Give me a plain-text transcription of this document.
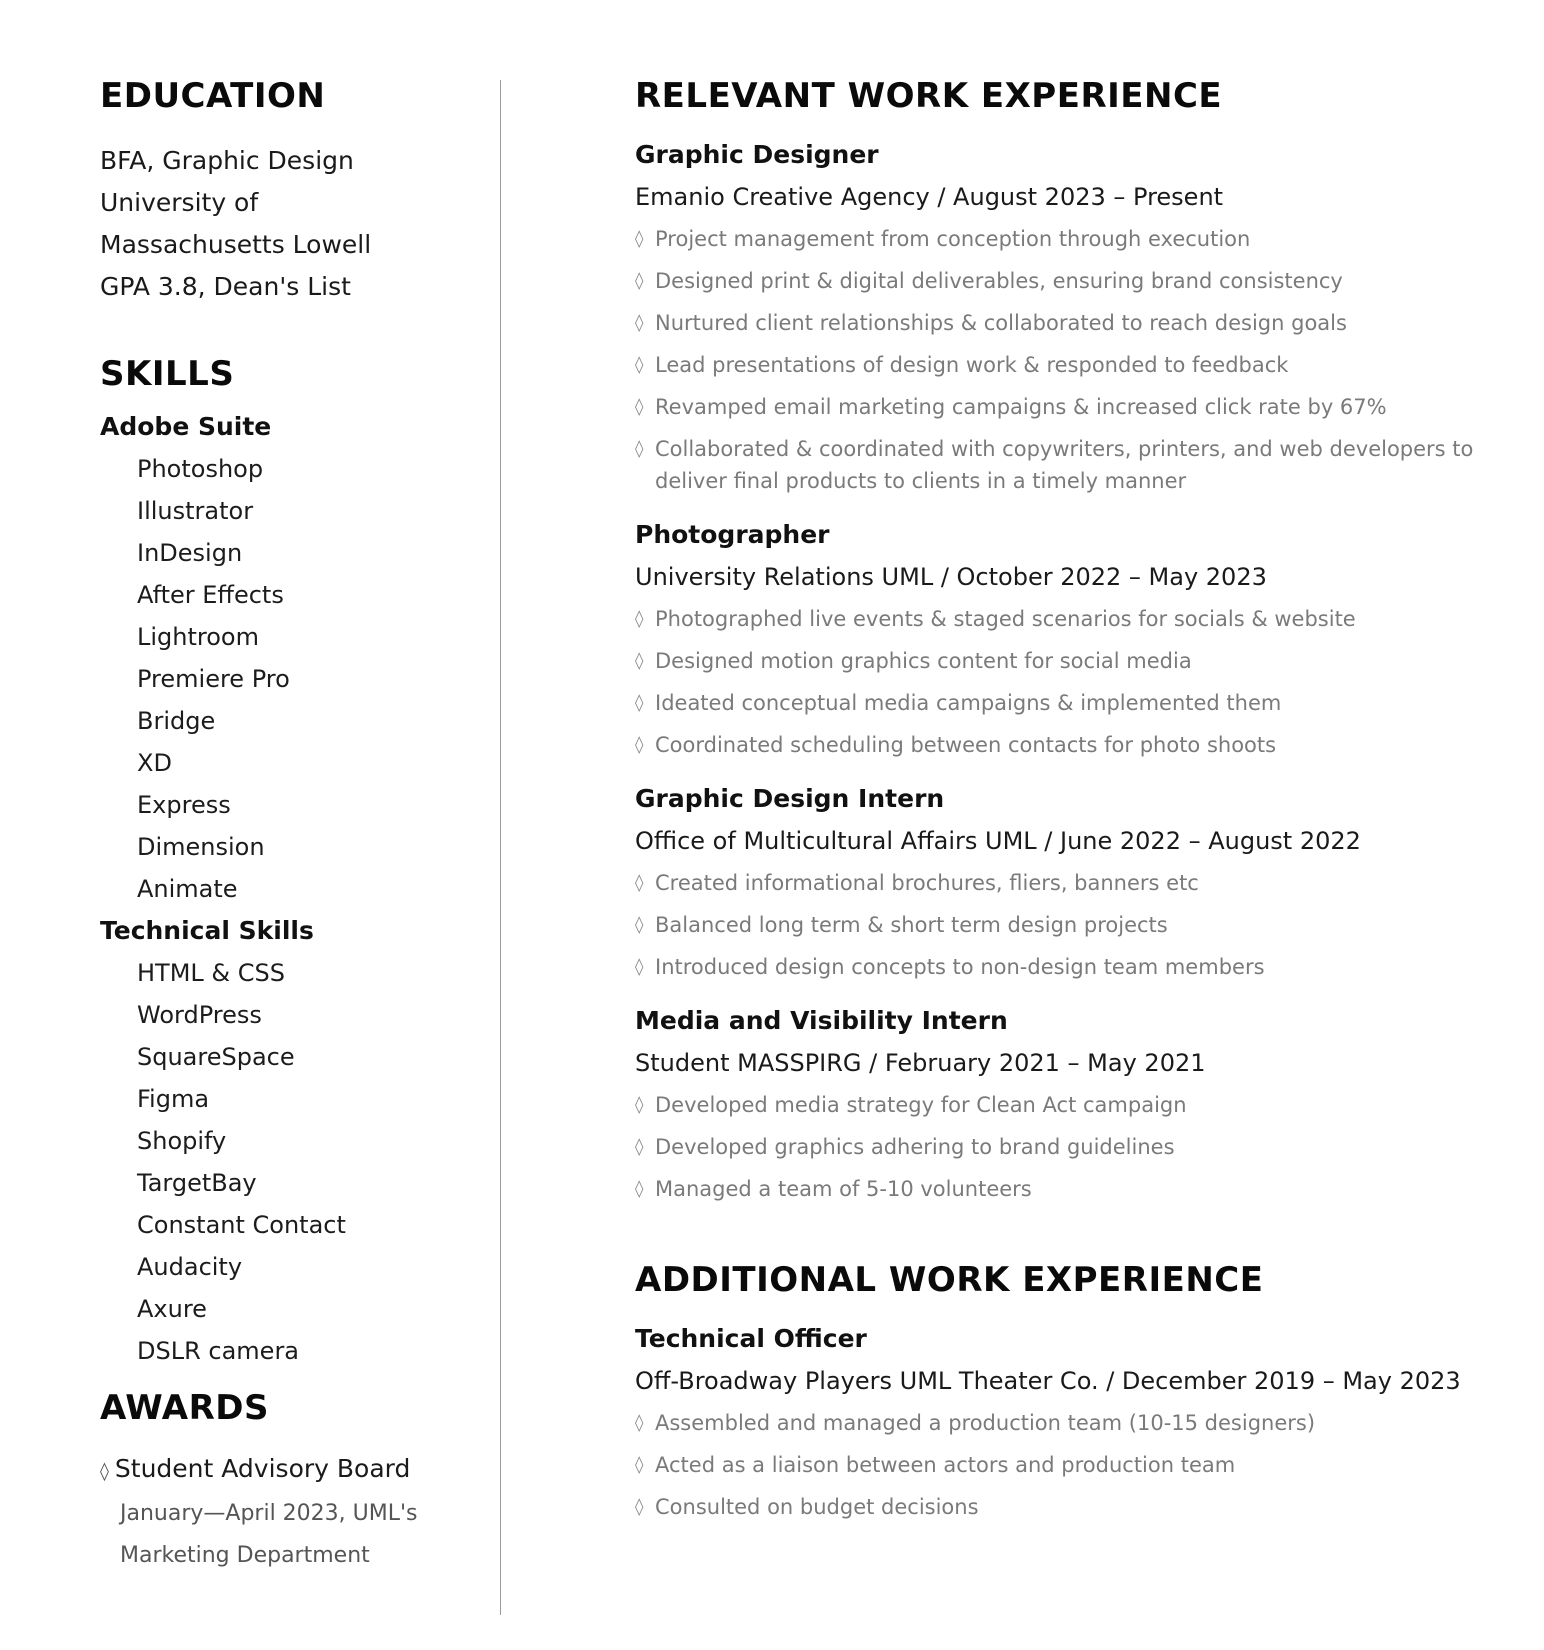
EDUCATION
BFA, Graphic Design
University of
Massachusetts Lowell
GPA 3.8, Dean's List
SKILLS
Adobe Suite
Photoshop
Illustrator
InDesign
After Effects
Lightroom
Premiere Pro
Bridge
XD
Express
Dimension
Animate
Technical Skills
HTML & CSS
WordPress
SquareSpace
Figma
Shopify
TargetBay
Constant Contact
Audacity
Axure
DSLR camera
AWARDS
◊ Student Advisory Board
January—April 2023, UML's
Marketing Department
RELEVANT WORK EXPERIENCE
Graphic Designer
Emanio Creative Agency / August 2023 – Present
◊ Project management from conception through execution
◊ Designed print & digital deliverables, ensuring brand consistency
◊ Nurtured client relationships & collaborated to reach design goals
◊ Lead presentations of design work & responded to feedback
◊ Revamped email marketing campaigns & increased click rate by 67%
◊ Collaborated & coordinated with copywriters, printers, and web developers to deliver final products to clients in a timely manner
Photographer
University Relations UML / October 2022 – May 2023
◊ Photographed live events & staged scenarios for socials & website
◊ Designed motion graphics content for social media
◊ Ideated conceptual media campaigns & implemented them
◊ Coordinated scheduling between contacts for photo shoots
Graphic Design Intern
Office of Multicultural Affairs UML / June 2022 – August 2022
◊ Created informational brochures, fliers, banners etc
◊ Balanced long term & short term design projects
◊ Introduced design concepts to non-design team members
Media and Visibility Intern
Student MASSPIRG / February 2021 – May 2021
◊ Developed media strategy for Clean Act campaign
◊ Developed graphics adhering to brand guidelines
◊ Managed a team of 5-10 volunteers
ADDITIONAL WORK EXPERIENCE
Technical Officer
Off-Broadway Players UML Theater Co. / December 2019 – May 2023
◊ Assembled and managed a production team (10-15 designers)
◊ Acted as a liaison between actors and production team
◊ Consulted on budget decisions
